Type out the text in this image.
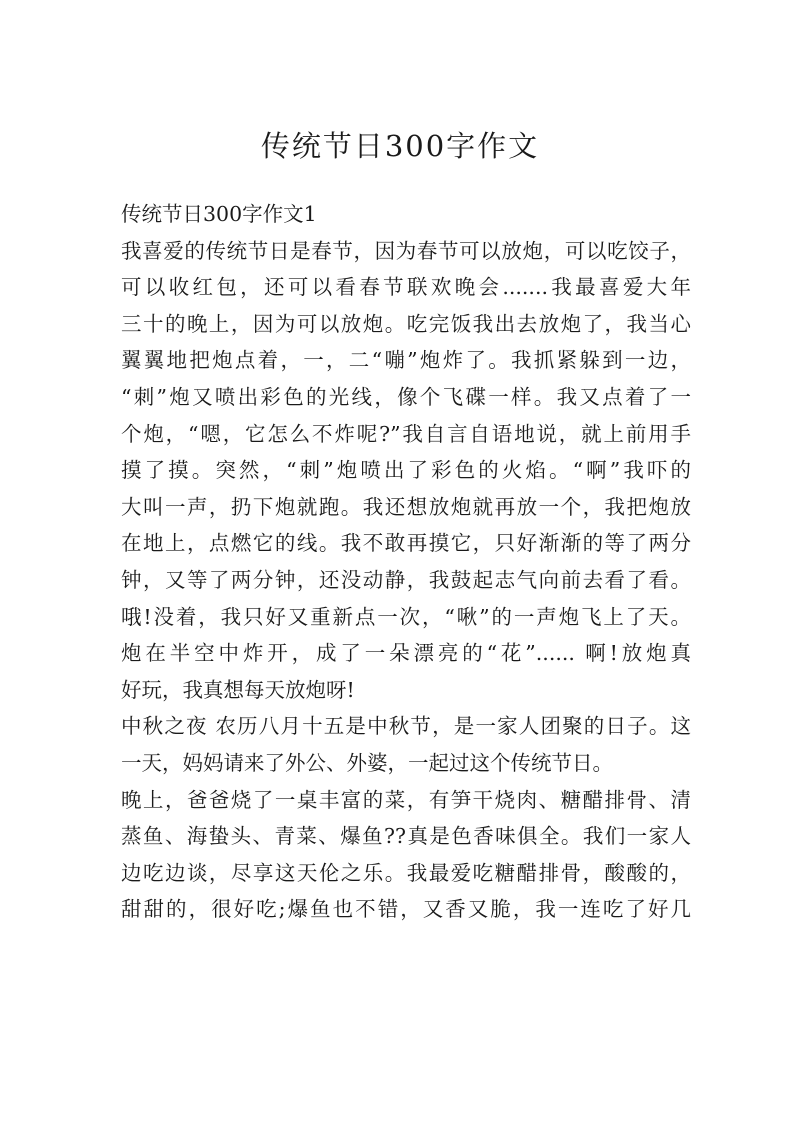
传统节日300字作文
传统节日300字作文1
我喜爱的传统节日是春节，因为春节可以放炮，可以吃饺子，
可以收红包，还可以看春节联欢晚会.......我最喜爱大年
三十的晚上，因为可以放炮。吃完饭我出去放炮了，我当心
翼翼地把炮点着，一，二“嘣”炮炸了。我抓紧躲到一边，
“刺”炮又喷出彩色的光线，像个飞碟一样。我又点着了一
个炮，“嗯，它怎么不炸呢?”我自言自语地说，就上前用手
摸了摸。突然，“刺”炮喷出了彩色的火焰。“啊”我吓的
大叫一声，扔下炮就跑。我还想放炮就再放一个，我把炮放
在地上，点燃它的线。我不敢再摸它，只好渐渐的等了两分
钟，又等了两分钟，还没动静，我鼓起志气向前去看了看。
哦!没着，我只好又重新点一次，“啾”的一声炮飞上了天。
炮在半空中炸开，成了一朵漂亮的“花”...... 啊!放炮真
好玩，我真想每天放炮呀!
中秋之夜 农历八月十五是中秋节，是一家人团聚的日子。这
一天，妈妈请来了外公、外婆，一起过这个传统节日。
晚上，爸爸烧了一桌丰富的菜，有笋干烧肉、糖醋排骨、清
蒸鱼、海蛰头、青菜、爆鱼??真是色香味俱全。我们一家人
边吃边谈，尽享这天伦之乐。我最爱吃糖醋排骨，酸酸的，
甜甜的，很好吃;爆鱼也不错，又香又脆，我一连吃了好几
